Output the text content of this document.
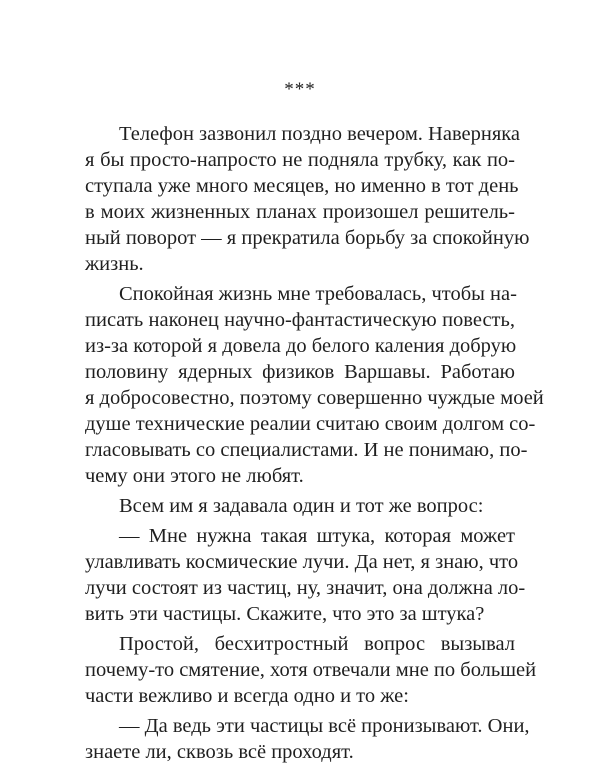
***
Телефон зазвонил поздно вечером. Наверняка
я бы просто-напросто не подняла трубку, как по-
ступала уже много месяцев, но именно в тот день
в моих жизненных планах произошел решитель-
ный поворот — я прекратила борьбу за спокойную
жизнь.
Спокойная жизнь мне требовалась, чтобы на-
писать наконец научно-фантастическую повесть,
из-за которой я довела до белого каления добрую
половину ядерных физиков Варшавы. Работаю
я добросовестно, поэтому совершенно чуждые моей
душе технические реалии считаю своим долгом со-
гласовывать со специалистами. И не понимаю, по-
чему они этого не любят.
Всем им я задавала один и тот же вопрос:
— Мне нужна такая штука, которая может
улавливать космические лучи. Да нет, я знаю, что
лучи состоят из частиц, ну, значит, она должна ло-
вить эти частицы. Скажите, что это за штука?
Простой, бесхитростный вопрос вызывал
почему-то смятение, хотя отвечали мне по большей
части вежливо и всегда одно и то же:
— Да ведь эти частицы всё пронизывают. Они,
знаете ли, сквозь всё проходят.
